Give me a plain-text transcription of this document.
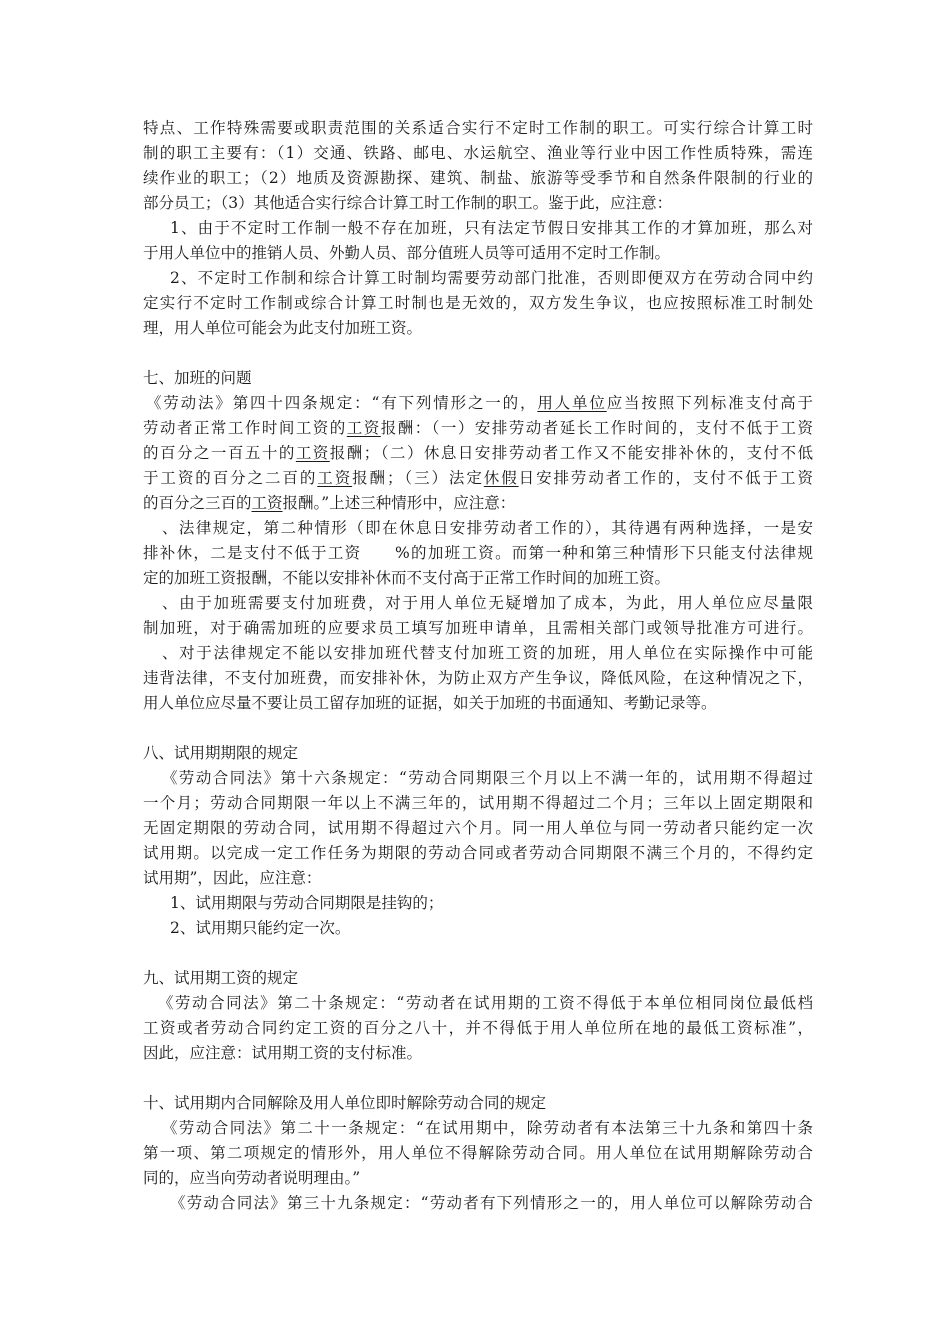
特点、工作特殊需要或职责范围的关系适合实行不定时工作制的职工。可实行综合计算工时
制的职工主要有：（1）交通、铁路、邮电、水运航空、渔业等行业中因工作性质特殊，需连
续作业的职工；（2）地质及资源勘探、建筑、制盐、旅游等受季节和自然条件限制的行业的
部分员工；（3）其他适合实行综合计算工时工作制的职工。鉴于此，应注意：
1、由于不定时工作制一般不存在加班，只有法定节假日安排其工作的才算加班，那么对
于用人单位中的推销人员、外勤人员、部分值班人员等可适用不定时工作制。
2、不定时工作制和综合计算工时制均需要劳动部门批准，否则即便双方在劳动合同中约
定实行不定时工作制或综合计算工时制也是无效的，双方发生争议，也应按照标准工时制处
理，用人单位可能会为此支付加班工资。
七、加班的问题
《劳动法》第四十四条规定：“有下列情形之一的，用人单位应当按照下列标准支付高于
劳动者正常工作时间工资的工资报酬：（一）安排劳动者延长工作时间的，支付不低于工资
的百分之一百五十的工资报酬；（二）休息日安排劳动者工作又不能安排补休的，支付不低
于工资的百分之二百的工资报酬；（三）法定休假日安排劳动者工作的，支付不低于工资
的百分之三百的工资报酬。”上述三种情形中，应注意：
、法律规定，第二种情形（即在休息日安排劳动者工作的），其待遇有两种选择，一是安
排补休，二是支付不低于工资　　%的加班工资。而第一种和第三种情形下只能支付法律规
定的加班工资报酬，不能以安排补休而不支付高于正常工作时间的加班工资。
、由于加班需要支付加班费，对于用人单位无疑增加了成本，为此，用人单位应尽量限
制加班，对于确需加班的应要求员工填写加班申请单，且需相关部门或领导批准方可进行。
、对于法律规定不能以安排加班代替支付加班工资的加班，用人单位在实际操作中可能
违背法律，不支付加班费，而安排补休，为防止双方产生争议，降低风险，在这种情况之下，
用人单位应尽量不要让员工留存加班的证据，如关于加班的书面通知、考勤记录等。
八、试用期期限的规定
《劳动合同法》第十六条规定：“劳动合同期限三个月以上不满一年的，试用期不得超过
一个月；劳动合同期限一年以上不满三年的，试用期不得超过二个月；三年以上固定期限和
无固定期限的劳动合同，试用期不得超过六个月。同一用人单位与同一劳动者只能约定一次
试用期。以完成一定工作任务为期限的劳动合同或者劳动合同期限不满三个月的，不得约定
试用期”，因此，应注意：
1、试用期限与劳动合同期限是挂钩的；
2、试用期只能约定一次。
九、试用期工资的规定
《劳动合同法》第二十条规定：“劳动者在试用期的工资不得低于本单位相同岗位最低档
工资或者劳动合同约定工资的百分之八十，并不得低于用人单位所在地的最低工资标准”，
因此，应注意：试用期工资的支付标准。
十、试用期内合同解除及用人单位即时解除劳动合同的规定
《劳动合同法》第二十一条规定：“在试用期中，除劳动者有本法第三十九条和第四十条
第一项、第二项规定的情形外，用人单位不得解除劳动合同。用人单位在试用期解除劳动合
同的，应当向劳动者说明理由。”
《劳动合同法》第三十九条规定：“劳动者有下列情形之一的，用人单位可以解除劳动合
